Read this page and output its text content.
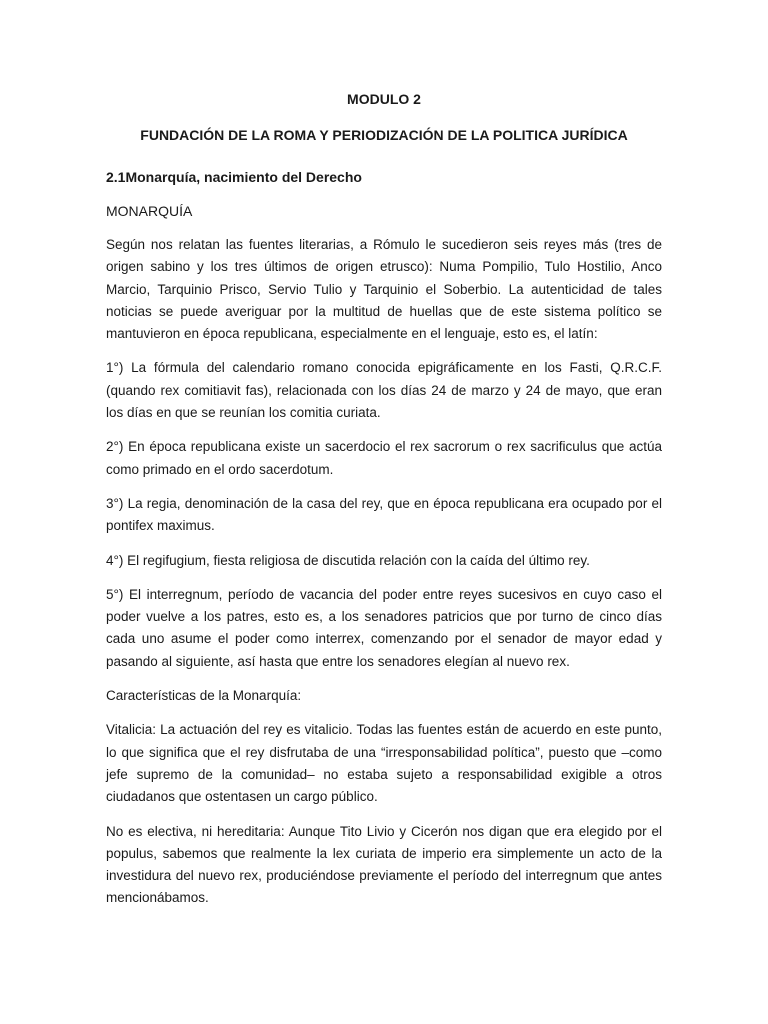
MODULO 2
FUNDACIÓN DE LA ROMA Y PERIODIZACIÓN DE LA POLITICA JURÍDICA
2.1Monarquía, nacimiento del Derecho
MONARQUÍA

Según nos relatan las fuentes literarias, a Rómulo le sucedieron seis reyes más (tres de origen sabino y los tres últimos de origen etrusco): Numa Pompilio, Tulo Hostilio, Anco Marcio, Tarquinio Prisco, Servio Tulio y Tarquinio el Soberbio. La autenticidad de tales noticias se puede averiguar por la multitud de huellas que de este sistema político se mantuvieron en época republicana, especialmente en el lenguaje, esto es, el latín:

1°) La fórmula del calendario romano conocida epigráficamente en los Fasti, Q.R.C.F. (quando rex comitiavit fas), relacionada con los días 24 de marzo y 24 de mayo, que eran los días en que se reunían los comitia curiata.

2°) En época republicana existe un sacerdocio el rex sacrorum o rex sacrificulus que actúa como primado en el ordo sacerdotum.

3°) La regia, denominación de la casa del rey, que en época republicana era ocupado por el pontifex maximus.

4°) El regifugium, fiesta religiosa de discutida relación con la caída del último rey.

5°) El interregnum, período de vacancia del poder entre reyes sucesivos en cuyo caso el poder vuelve a los patres, esto es, a los senadores patricios que por turno de cinco días cada uno asume el poder como interrex, comenzando por el senador de mayor edad y pasando al siguiente, así hasta que entre los senadores elegían al nuevo rex.

Características de la Monarquía:

Vitalicia: La actuación del rey es vitalicio. Todas las fuentes están de acuerdo en este punto, lo que significa que el rey disfrutaba de una “irresponsabilidad política”, puesto que –como jefe supremo de la comunidad– no estaba sujeto a responsabilidad exigible a otros ciudadanos que ostentasen un cargo público.

No es electiva, ni hereditaria: Aunque Tito Livio y Cicerón nos digan que era elegido por el populus, sabemos que realmente la lex curiata de imperio era simplemente un acto de la investidura del nuevo rex, produciéndose previamente el período del interregnum que antes mencionábamos.
